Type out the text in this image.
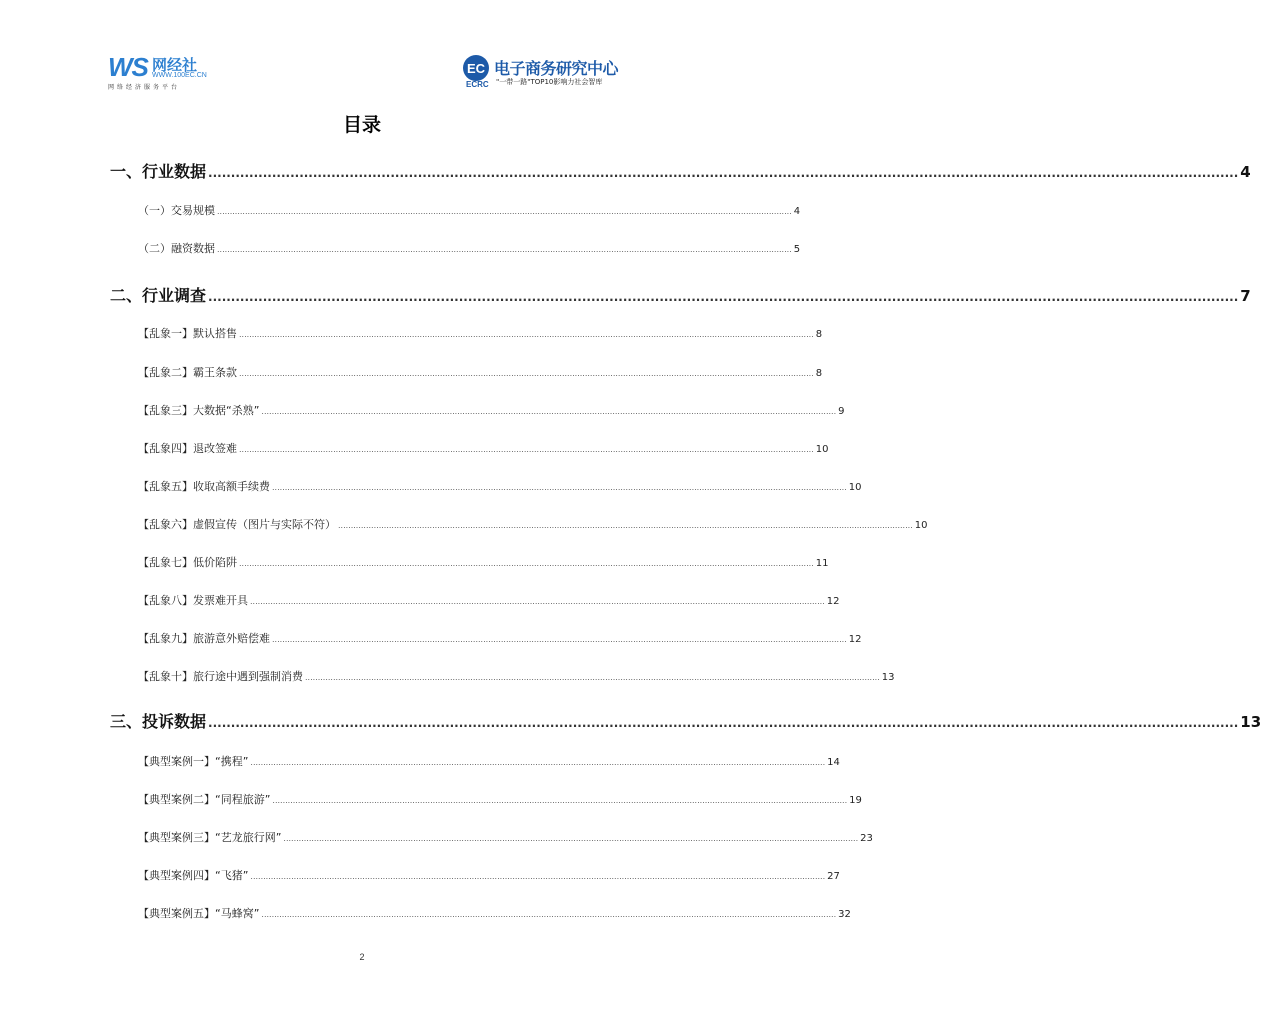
WS 网经社
WWW.100EC.CN
网络经济服务平台
EC
ECRC
电子商务研究中心
"一带一路"TOP10影响力社会智库
目录
一、行业数据 .................................................................................................................................................................................................................................. 4
（一）交易规模 .................................................................................................................................................................................................................................. 4
（二）融资数据 .................................................................................................................................................................................................................................. 5
二、行业调查 .................................................................................................................................................................................................................................. 7
【乱象一】默认搭售 .................................................................................................................................................................................................................................. 8
【乱象二】霸王条款 .................................................................................................................................................................................................................................. 8
【乱象三】大数据“杀熟” .................................................................................................................................................................................................................................. 9
【乱象四】退改签难 .................................................................................................................................................................................................................................. 10
【乱象五】收取高额手续费 .................................................................................................................................................................................................................................. 10
【乱象六】虚假宣传（图片与实际不符） .................................................................................................................................................................................................................................. 10
【乱象七】低价陷阱 .................................................................................................................................................................................................................................. 11
【乱象八】发票难开具 .................................................................................................................................................................................................................................. 12
【乱象九】旅游意外赔偿难 .................................................................................................................................................................................................................................. 12
【乱象十】旅行途中遇到强制消费 .................................................................................................................................................................................................................................. 13
三、投诉数据 .................................................................................................................................................................................................................................. 13
【典型案例一】“携程” .................................................................................................................................................................................................................................. 14
【典型案例二】“同程旅游” .................................................................................................................................................................................................................................. 19
【典型案例三】“艺龙旅行网” .................................................................................................................................................................................................................................. 23
【典型案例四】“飞猪” .................................................................................................................................................................................................................................. 27
【典型案例五】“马蜂窝” .................................................................................................................................................................................................................................. 32
2
